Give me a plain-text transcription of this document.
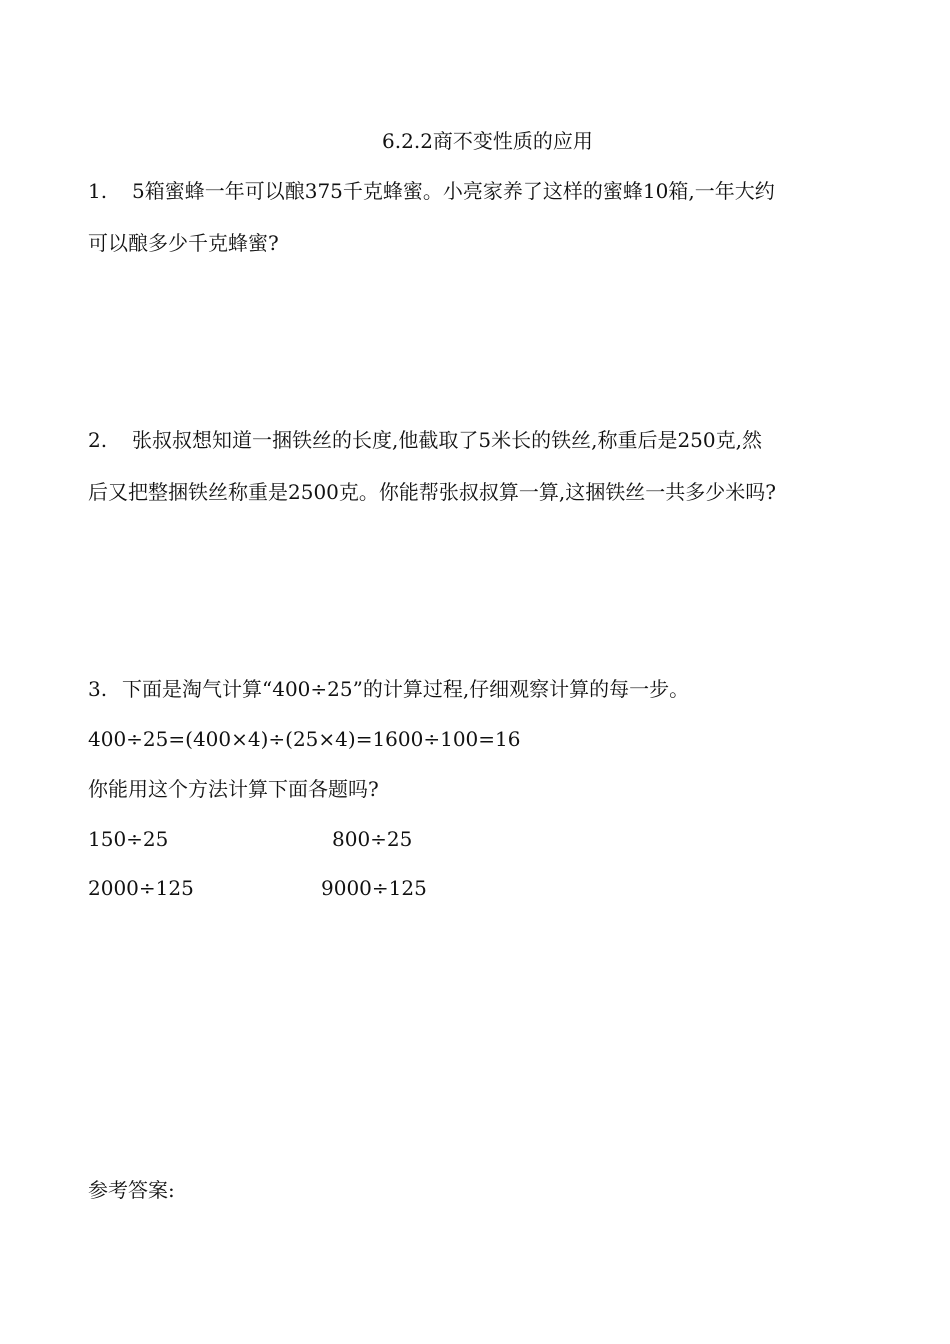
6.2.2商不变性质的应用
1. 5箱蜜蜂一年可以酿375千克蜂蜜。小亮家养了这样的蜜蜂10箱,一年大约
可以酿多少千克蜂蜜?
2. 张叔叔想知道一捆铁丝的长度,他截取了5米长的铁丝,称重后是250克,然
后又把整捆铁丝称重是2500克。你能帮张叔叔算一算,这捆铁丝一共多少米吗?
3. 下面是淘气计算“400÷25”的计算过程,仔细观察计算的每一步。
400÷25=(400×4)÷(25×4)=1600÷100=16
你能用这个方法计算下面各题吗?
150÷25	800÷25
2000÷125	9000÷125
参考答案:
